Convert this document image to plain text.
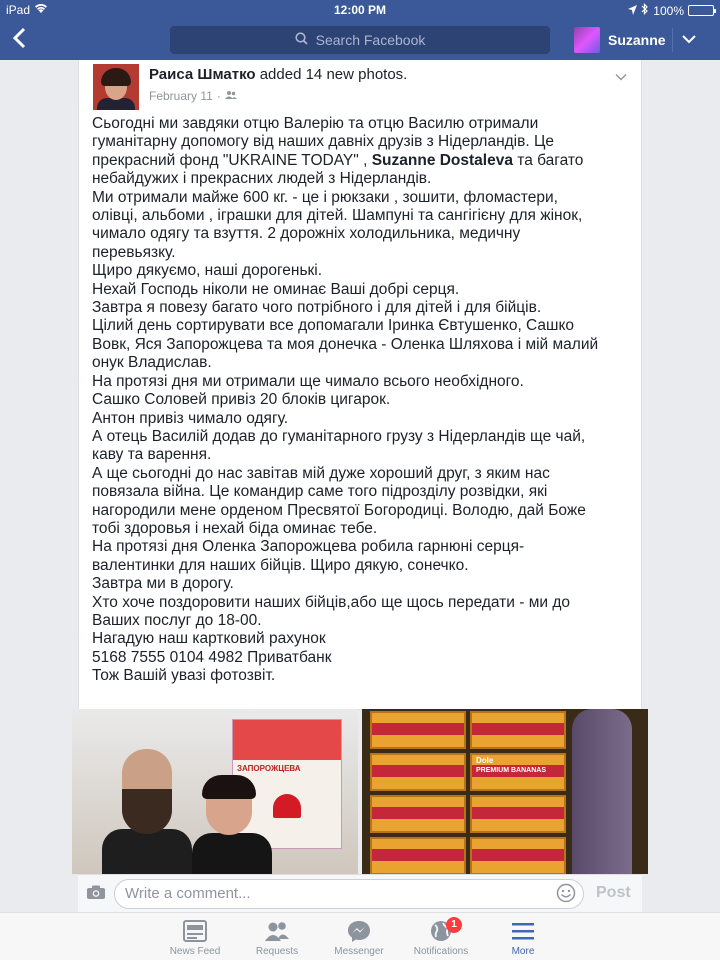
iPad	12:00 PM	100%
Search Facebook	Suzanne
Раиса Шматко added 14 new photos.
February 11 ·
Сьогодні ми завдяки отцю Валерію та отцю Василю отримали
гуманітарну допомогу від наших давніх друзів з Нідерландів. Це
прекрасний фонд "UKRAINE TODAY" , Suzanne Dostaleva та багато
небайдужих і прекрасних людей з Нідерландів.
Ми отримали майже 600 кг. - це і рюкзаки , зошити, фломастери,
олівці, альбоми , іграшки для дітей. Шампуні та сангігієну для жінок,
чимало одягу та взуття. 2 дорожніх холодильника, медичну
перевьязку.
Щиро дякуємо, наші дорогенькі.
Нехай Господь ніколи не оминає Ваші добрі серця.
Завтра я повезу багато чого потрібного і для дітей і для бійців.
Цілий день сортирувати все допомагали Іринка Євтушенко, Сашко
Вовк, Яся Запорожцева та моя донечка - Оленка Шляхова і мій малий
онук Владислав.
На протязі дня ми отримали ще чимало всього необхідного.
Сашко Соловей привіз 20 блоків цигарок.
Антон привіз чимало одягу.
А отець Василій додав до гуманітарного грузу з Нідерландів ще чай,
каву та варення.
А ще сьогодні до нас завітав мій дуже хороший друг, з яким нас
повязала війна. Це командир саме того підрозділу розвідки, які
нагородили мене орденом Пресвятої Богородиці. Володю, дай Боже
тобі здоровья і нехай біда оминає тебе.
На протязі дня Оленка Запорожцева робила гарнюні серця-
валентинки для наших бійців. Щиро дякую, сонечко.
Завтра ми в дорогу.
Хто хоче поздоровити наших бійців,або ще щось передати - ми до
Ваших послуг до 18-00.
Нагадую наш картковий рахунок
5168 7555 0104 4982 Приватбанк
Тож Вашій увазі фотозвіт.
ЗАПОРОЖЦЕВА
Dole
PREMIUM BANANAS
Write a comment...	Post
News Feed	Requests	Messenger
1
Notifications	More
